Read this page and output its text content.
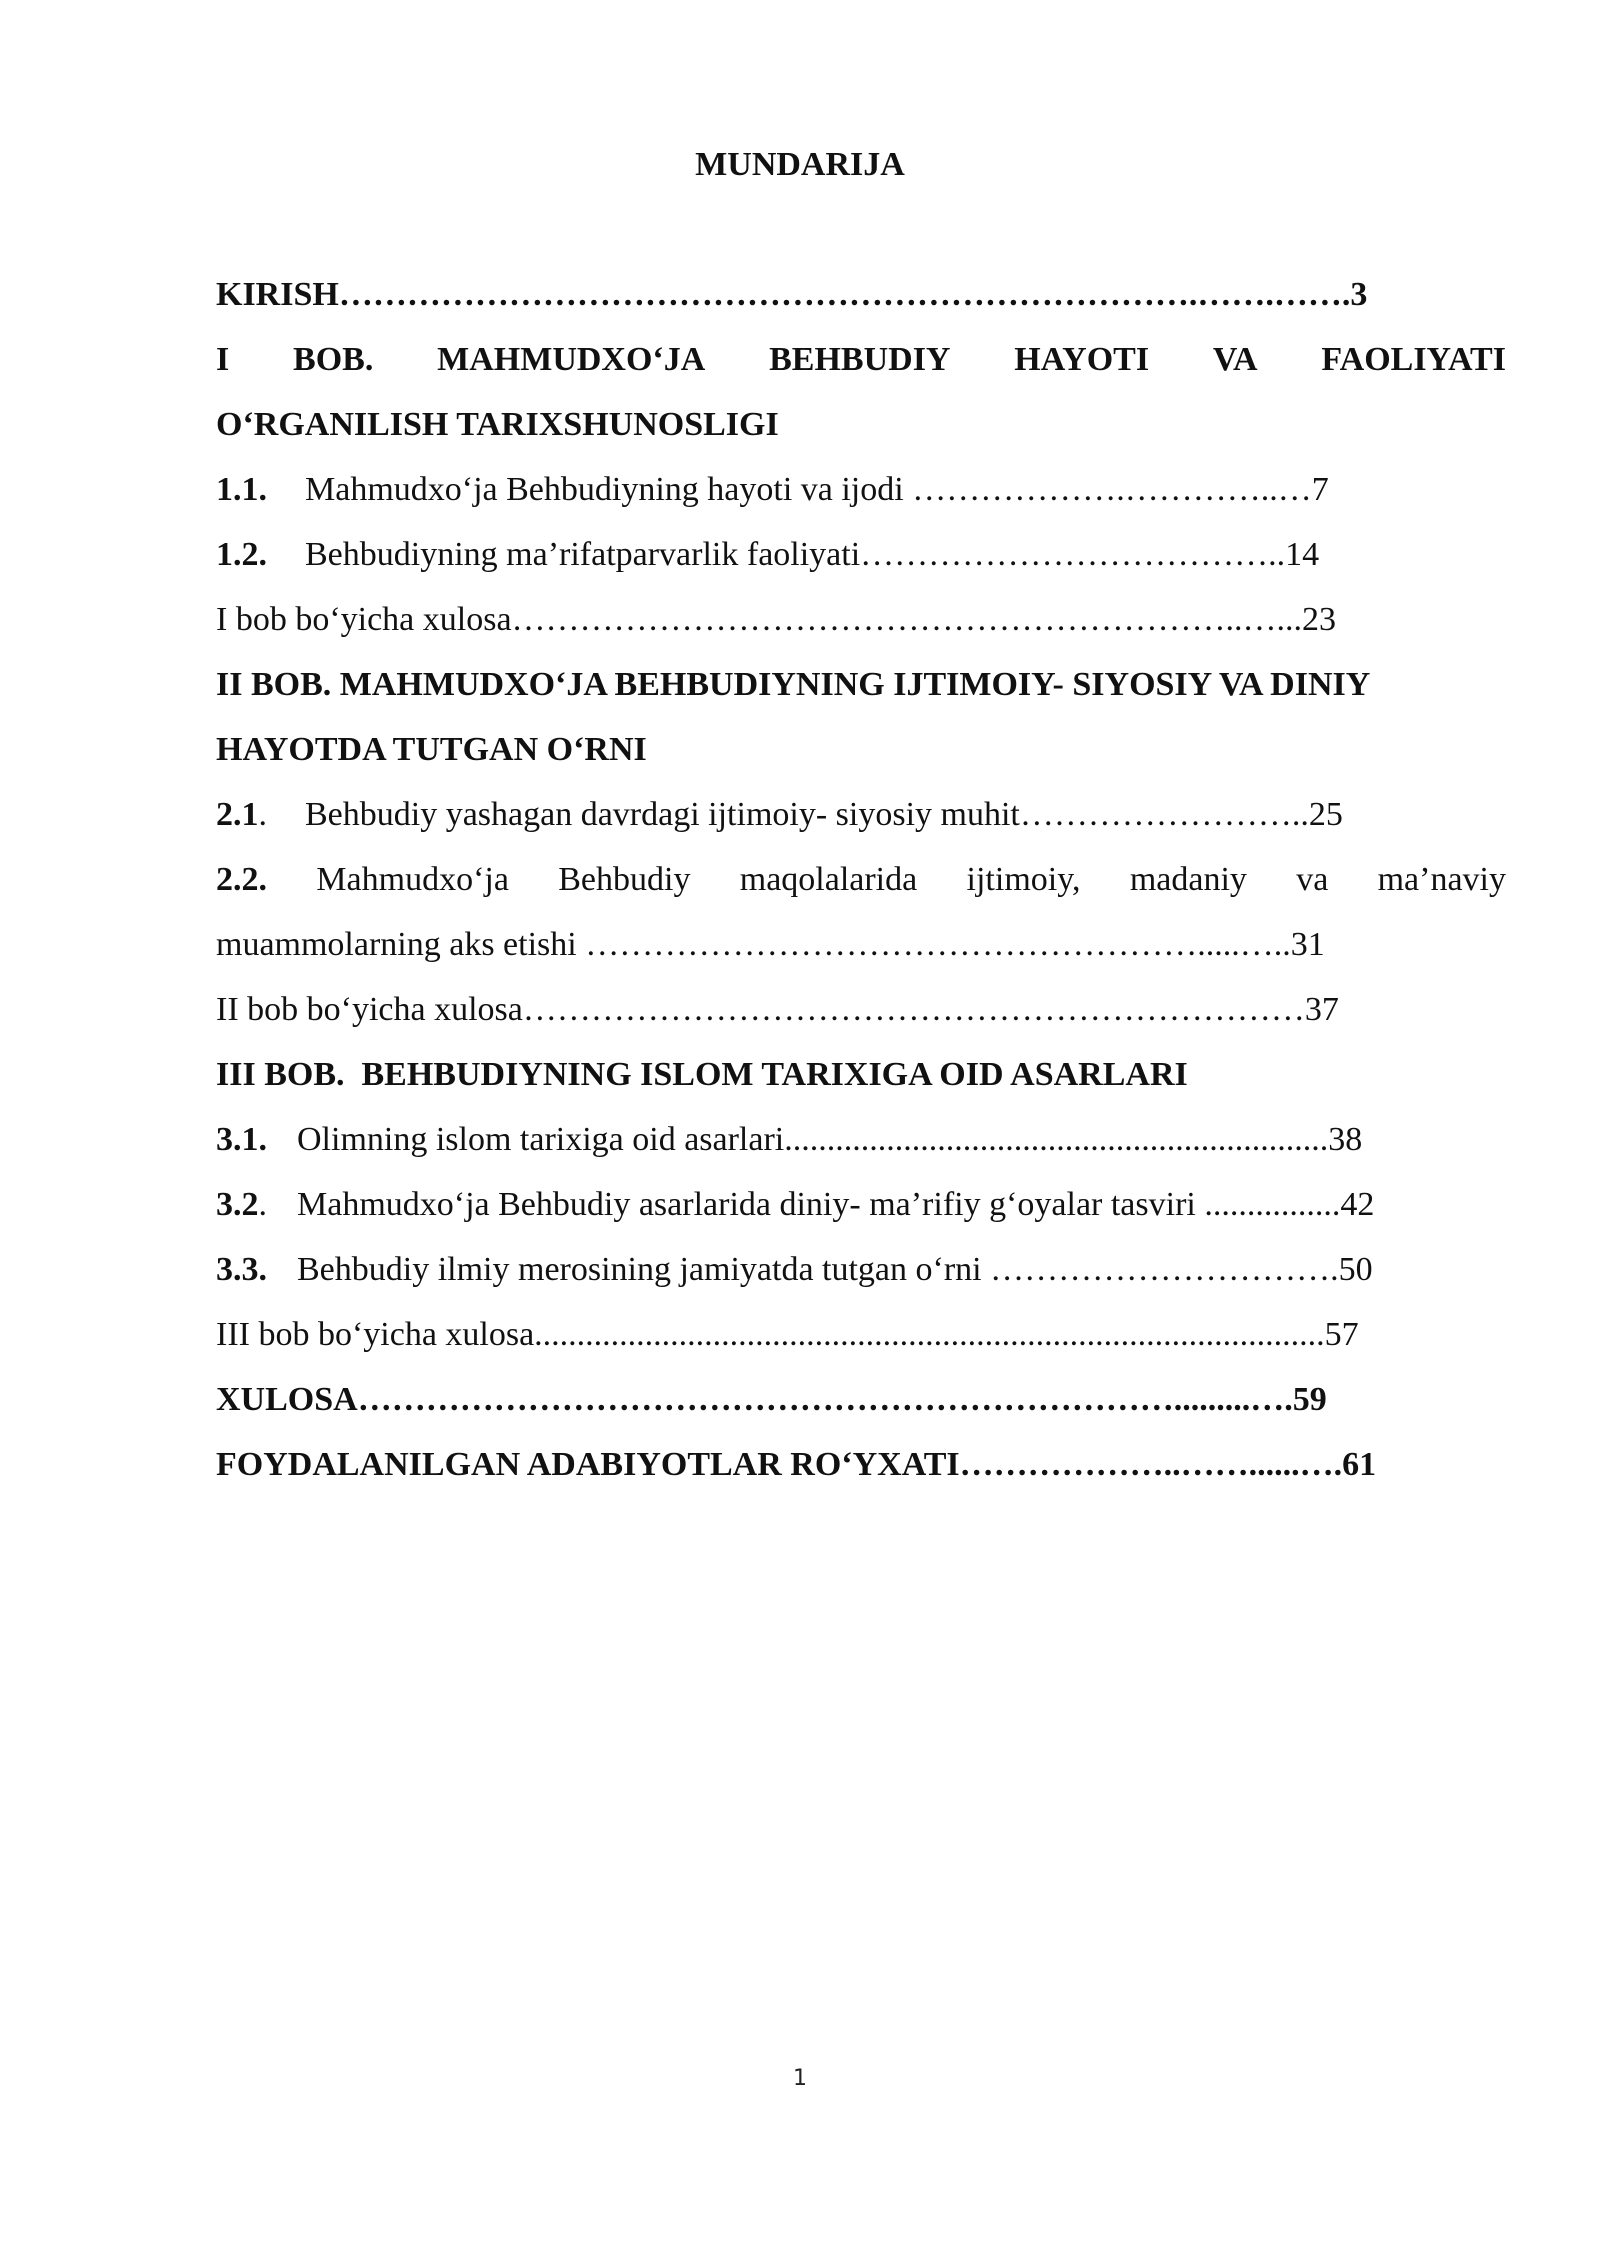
MUNDARIJA
KIRISH………………………………………………………………….…….…….3
I BOB. MAHMUDXO‘JA BEHBUDIY HAYOTI VA FAOLIYATI
O‘RGANILISH TARIXSHUNOSLIGI
1.1. Mahmudxo‘ja Behbudiyning hayoti va ijodi ……………….…………..…7
1.2. Behbudiyning ma’rifatparvarlik faoliyati………………………………..14
I bob bo‘yicha xulosa………………………………………………………..…...23
II BOB. MAHMUDXO‘JA BEHBUDIYNING IJTIMOIY- SIYOSIY VA DINIY
HAYOTDA TUTGAN O‘RNI
2.1. Behbudiy yashagan davrdagi ijtimoiy- siyosiy muhit……………………..25
2.2. Mahmudxo‘ja Behbudiy maqolalarida ijtimoiy, madaniy va ma’naviy
muammolarning aks etishi ……………………………………………….....…..31
II bob bo‘yicha xulosa……………………………………………………………37
III BOB.  BEHBUDIYNING ISLOM TARIXIGA OID ASARLARI
3.1. Olimning islom tarixiga oid asarlari................................................................38
3.2. Mahmudxo‘ja Behbudiy asarlarida diniy- ma’rifiy g‘oyalar tasviri ................42
3.3. Behbudiy ilmiy merosining jamiyatda tutgan o‘rni ………………………….50
III bob bo‘yicha xulosa.............................................................................................57
XULOSA……………………………………………………………….........….59
FOYDALANILGAN ADABIYOTLAR RO‘YXATI………………..……......….61
1
